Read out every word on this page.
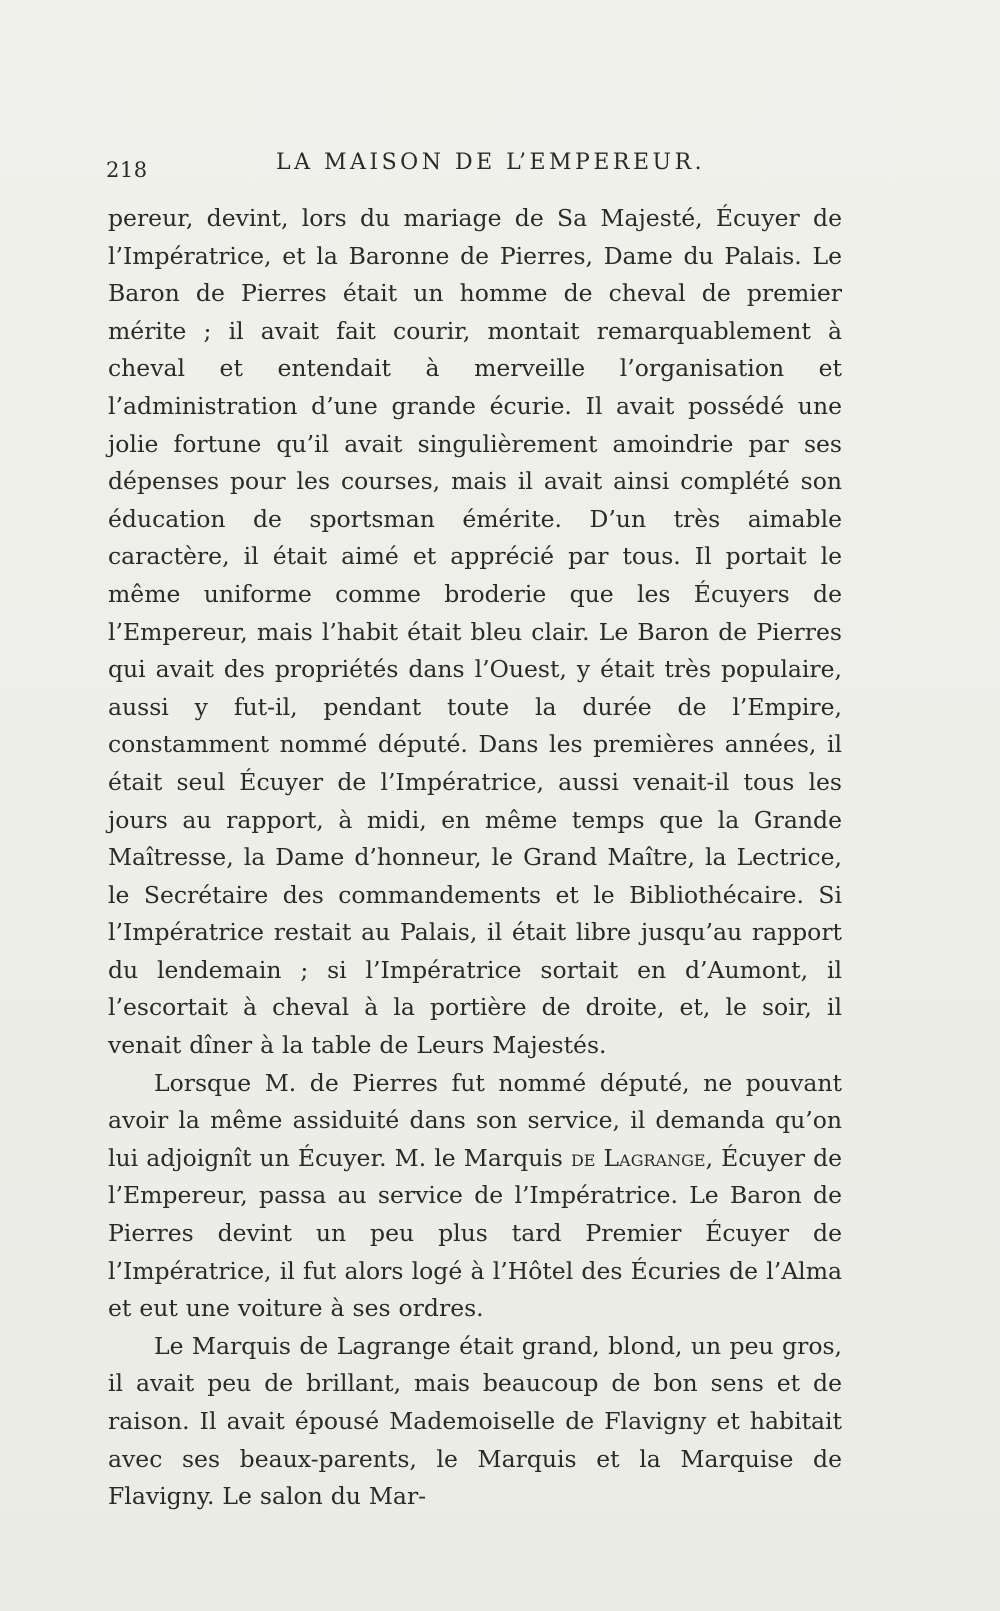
218	LA MAISON DE L’EMPEREUR.

pereur, devint, lors du mariage de Sa Majesté, Écuyer de l’Impératrice, et la Baronne de Pierres, Dame du Palais. Le Baron de Pierres était un homme de cheval de premier mérite ; il avait fait courir, montait remarquablement à cheval et entendait à merveille l’organisation et l’administration d’une grande écurie. Il avait possédé une jolie fortune qu’il avait singulièrement amoindrie par ses dépenses pour les courses, mais il avait ainsi complété son éducation de sportsman émérite. D’un très aimable caractère, il était aimé et apprécié par tous. Il portait le même uniforme comme broderie que les Écuyers de l’Empereur, mais l’habit était bleu clair. Le Baron de Pierres qui avait des propriétés dans l’Ouest, y était très populaire, aussi y fut-il, pendant toute la durée de l’Empire, constamment nommé député. Dans les premières années, il était seul Écuyer de l’Impératrice, aussi venait-il tous les jours au rapport, à midi, en même temps que la Grande Maîtresse, la Dame d’honneur, le Grand Maître, la Lectrice, le Secrétaire des commandements et le Bibliothécaire. Si l’Impératrice restait au Palais, il était libre jusqu’au rapport du lendemain ; si l’Impératrice sortait en d’Aumont, il l’escortait à cheval à la portière de droite, et, le soir, il venait dîner à la table de Leurs Majestés.

Lorsque M. de Pierres fut nommé député, ne pouvant avoir la même assiduité dans son service, il demanda qu’on lui adjoignît un Écuyer. M. le Marquis de Lagrange, Écuyer de l’Empereur, passa au service de l’Impératrice. Le Baron de Pierres devint un peu plus tard Premier Écuyer de l’Impératrice, il fut alors logé à l’Hôtel des Écuries de l’Alma et eut une voiture à ses ordres.

Le Marquis de Lagrange était grand, blond, un peu gros, il avait peu de brillant, mais beaucoup de bon sens et de raison. Il avait épousé Mademoiselle de Flavigny et habitait avec ses beaux-parents, le Marquis et la Marquise de Flavigny. Le salon du Mar-
